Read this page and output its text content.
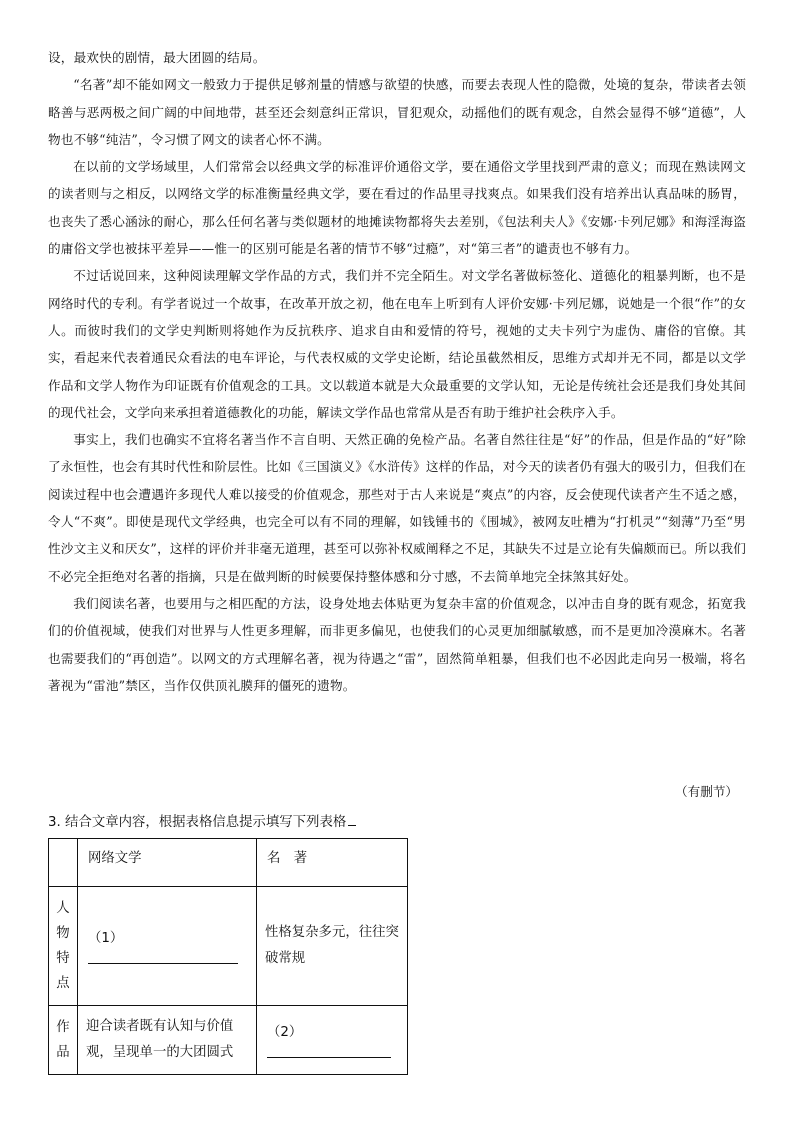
设，最欢快的剧情，最大团圆的结局。

“名著”却不能如网文一般致力于提供足够剂量的情感与欲望的快感，而要去表现人性的隐微，处境的复杂，带读者去领略善与恶两极之间广阔的中间地带，甚至还会刻意纠正常识，冒犯观众，动摇他们的既有观念，自然会显得不够“道德”，人物也不够“纯洁”，令习惯了网文的读者心怀不满。

在以前的文学场域里，人们常常会以经典文学的标准评价通俗文学，要在通俗文学里找到严肃的意义；而现在熟读网文的读者则与之相反，以网络文学的标准衡量经典文学，要在看过的作品里寻找爽点。如果我们没有培养出认真品味的肠胃，也丧失了悉心涵泳的耐心，那么任何名著与类似题材的地摊读物都将失去差别，《包法利夫人》《安娜·卡列尼娜》和海淫海盗的庸俗文学也被抹平差异——惟一的区别可能是名著的情节不够“过瘾”，对“第三者”的谴责也不够有力。

不过话说回来，这种阅读理解文学作品的方式，我们并不完全陌生。对文学名著做标签化、道德化的粗暴判断，也不是网络时代的专利。有学者说过一个故事，在改革开放之初，他在电车上听到有人评价安娜·卡列尼娜，说她是一个很“作”的女人。而彼时我们的文学史判断则将她作为反抗秩序、追求自由和爱情的符号，视她的丈夫卡列宁为虚伪、庸俗的官僚。其实，看起来代表着通民众看法的电车评论，与代表权威的文学史论断，结论虽截然相反，思维方式却并无不同，都是以文学作品和文学人物作为印证既有价值观念的工具。文以载道本就是大众最重要的文学认知，无论是传统社会还是我们身处其间的现代社会，文学向来承担着道德教化的功能，解读文学作品也常常从是否有助于维护社会秩序入手。

事实上，我们也确实不宜将名著当作不言自明、天然正确的免检产品。名著自然往往是“好”的作品，但是作品的“好”除了永恒性，也会有其时代性和阶层性。比如《三国演义》《水浒传》这样的作品，对今天的读者仍有强大的吸引力，但我们在阅读过程中也会遭遇许多现代人难以接受的价值观念，那些对于古人来说是“爽点”的内容，反会使现代读者产生不适之感，令人“不爽”。即使是现代文学经典，也完全可以有不同的理解，如钱锺书的《围城》，被网友吐槽为“打机灵”“刻薄”乃至“男性沙文主义和厌女”，这样的评价并非毫无道理，甚至可以弥补权威阐释之不足，其缺失不过是立论有失偏颇而已。所以我们不必完全拒绝对名著的指摘，只是在做判断的时候要保持整体感和分寸感，不去简单地完全抹煞其好处。

我们阅读名著，也要用与之相匹配的方法，设身处地去体贴更为复杂丰富的价值观念，以冲击自身的既有观念，拓宽我们的价值视域，使我们对世界与人性更多理解，而非更多偏见，也使我们的心灵更加细腻敏感，而不是更加冷漠麻木。名著也需要我们的“再创造”。以网文的方式理解名著，视为待遇之“雷”，固然简单粗暴，但我们也不必因此走向另一极端，将名著视为“雷池”禁区，当作仅供顶礼膜拜的僵死的遗物。

（有删节）
3. 结合文章内容，根据表格信息提示填写下列表格
	网络文学	名　著
人
物
特
点	（1）	性格复杂多元，往往突破常规

作
品	迎合读者既有认知与价值观，呈现单一的大团圆式	（2）
